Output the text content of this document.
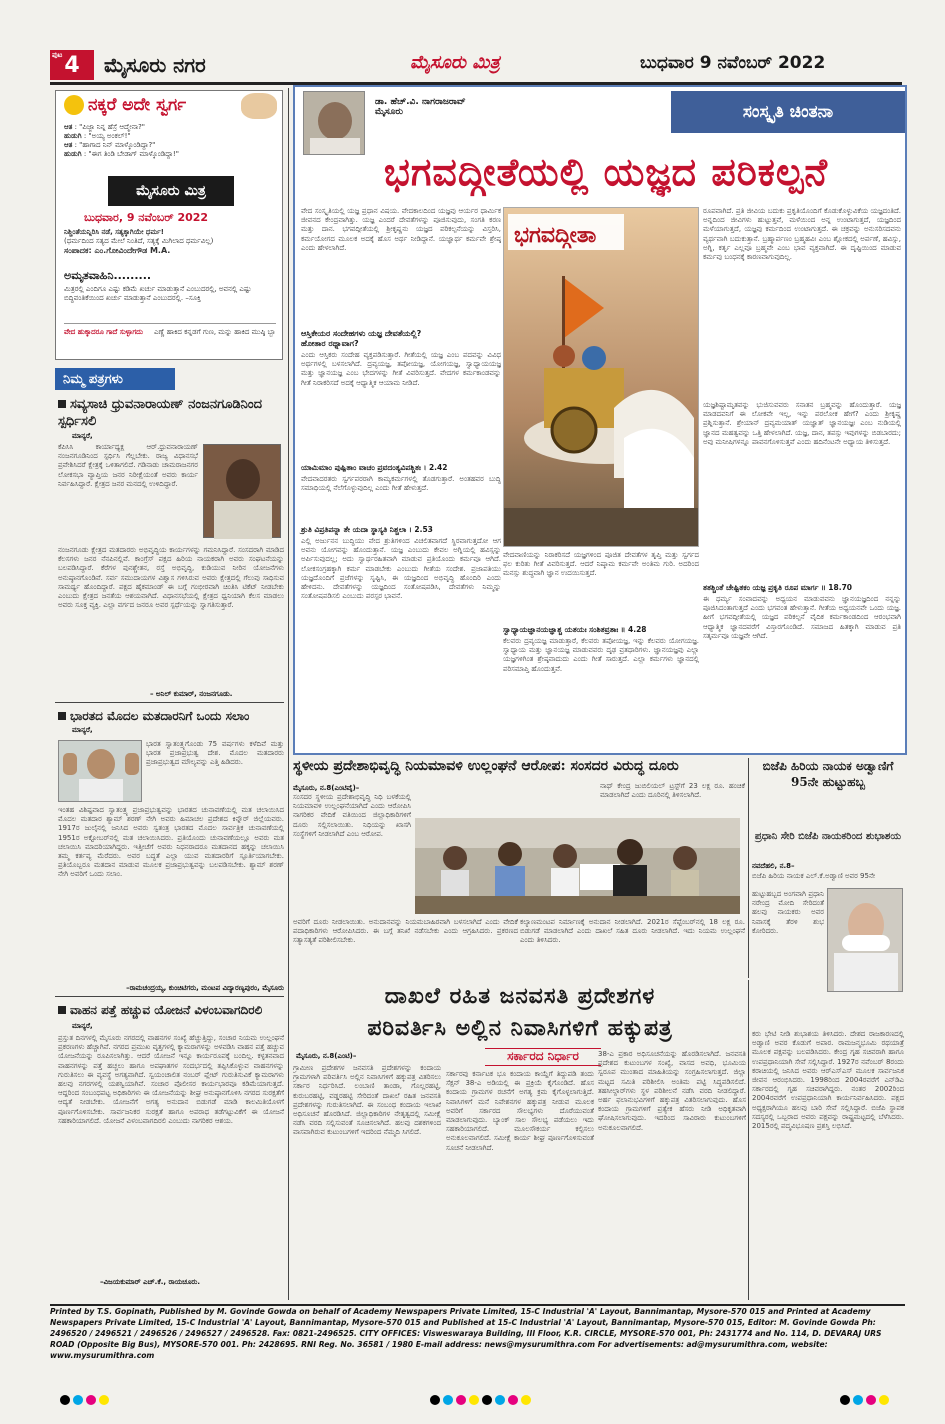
ಪುಟ 4 ಮೈಸೂರು ನಗರ	ಮೈಸೂರು ಮಿತ್ರ	ಬುಧವಾರ 9 ನವೆಂಬರ್ 2022
ನಕ್ಕರೆ ಅದೇ ಸ್ವರ್ಗ
ಆತ : "ಪಿಜ್ಜಾ ನಿನ್ನ ಹೆಸ್ರೆ ಆದ್ಮೇನಾ?"
ಹುಡುಗಿ : "ಅಯ್ಯ ಅಂಕಲ್!"
ಆತ : "ಹಾಗಾದ ನಿನ್ ಮಾಳ್ಕೊಂಡಿದ್ದಾ?"
ಹುಡುಗಿ : "ಈಗ ತಿಂಡಿ ಬೇಡಾಗ್ ಮಾಳ್ಕೊಂಡಿದ್ದಾ!"
ಮೈಸೂರು ಮಿತ್ರ
ಬುಧವಾರ, 9 ನವೆಂಬರ್ 2022
ನಿಶ್ಚಿಂತೆಯನ್ನಿರಿಸಿ ನಡೆ, ಸತ್ಯಕ್ಕಾಗಿಯೇ ಧರ್ಮ!
(ಧರ್ಮದಿಂದ ಸತ್ಯದ ಮೇಲೆ ನಿಂತಿದೆ, ಸತ್ಯಕ್ಕೆ ಮಿಗಿಲಾದ ಧರ್ಮವಿಲ್ಲ)
ಸಂಪಾದಕ: ಎಂ.ಗೋವಿಂದೇಗೌಡ M.A.
ಅಮೃತವಾಹಿನಿ.........
ಮಿತ್ರರಲ್ಲಿ ಎಂದಿಗೂ ಎಷ್ಟು ಕಡಿಮೆ ಖರ್ಚು ಮಾಡುತ್ತಾನೆ ಎಂಬುದರಲ್ಲಿ, ಅವನಲ್ಲಿ ಎಷ್ಟು ಬಿದ್ಧಿವಂತಿಕೆಯಿಂದ ಖರ್ಚು ಮಾಡುತ್ತಾನೆ ಎಂಬುದರಲ್ಲಿ. –ಸೂಕ್ತಿ
ವೇದ ಹುಕ್ಕಾದರೂ ಗಾದೆ ಸುಳ್ಳಾಗದು ಎಣ್ಣೆ ಹಾಕಿದ ಕನ್ನಡಗೆ ಗುಣ, ಮನ್ನು ಹಾಕಿದ ಮುಷ್ಠಿ ಬ್ಬಾ
ನಿಮ್ಮ ಪತ್ರಗಳು
ಸವ್ಯಸಾಚಿ ಧ್ರುವನಾರಾಯಣ್ ನಂಜನಗೂಡಿನಿಂದ ಸ್ಪರ್ಧಿಸಲಿ
ಮಾನ್ಯರೆ,
ಕೆಪಿಸಿಸಿ ಕಾರ್ಯಾಧ್ಯಕ್ಷ ಆರ್.ಧ್ರುವನಾರಾಯಣ್ ನಂಜನಗೂಡಿನಿಂದ ಸ್ಪರ್ಧಿಸಿ ಗೆಲ್ಲಬೇಕು. ರಾಜ್ಯ ವಿಧಾನಸಭೆ ಪ್ರವೇಶಿಸಿದರೆ ಕ್ಷೇತ್ರಕ್ಕೆ ಒಳಿತಾಗಲಿದೆ. ಗಡಿನಾಡು ಚಾಮರಾಜನಗರ ಲೋಕಸಭಾ ವ್ಯಾಪ್ತಿಯ ಜನರ ನಿರೀಕ್ಷೆಯಂತೆ ಅವರು ಕಾರ್ಯ ನಿರ್ವಹಿಸಿದ್ದಾರೆ. ಕ್ಷೇತ್ರದ ಜನರ ಮನದಲ್ಲಿ ಉಳಿದಿದ್ದಾರೆ.
ನಂಜನಗೂಡು ಕ್ಷೇತ್ರದ ಮತದಾರರು ಅಭಿವೃದ್ಧಿಯ ಕಾರ್ಯಗಳನ್ನು ಗಮನಿಸಿದ್ದಾರೆ. ಸಂಸದರಾಗಿ ಮಾಡಿದ ಕೆಲಸಗಳು ಜನರ ನೆನಪಿನಲ್ಲಿವೆ. ಕಾಂಗ್ರೆಸ್ ಪಕ್ಷದ ಹಿರಿಯ ನಾಯಕರಾಗಿ ಅವರು ಸಂಘಟನೆಯನ್ನು ಬಲಪಡಿಸಿದ್ದಾರೆ. ಕೆರೆಗಳ ಪುನಶ್ಚೇತನ, ರಸ್ತೆ ಅಭಿವೃದ್ಧಿ, ಕುಡಿಯುವ ನೀರಿನ ಯೋಜನೆಗಳು ಅನುಷ್ಠಾನಗೊಂಡಿವೆ. ಸರ್ವ ಸಮುದಾಯಗಳ ವಿಶ್ವಾಸ ಗಳಿಸಿರುವ ಅವರು ಕ್ಷೇತ್ರದಲ್ಲಿ ಗೆಲುವು ಸಾಧಿಸುವ ಸಾಮರ್ಥ್ಯ ಹೊಂದಿದ್ದಾರೆ. ಪಕ್ಷದ ಹೈಕಮಾಂಡ್ ಈ ಬಗ್ಗೆ ಗಂಭೀರವಾಗಿ ಚಿಂತಿಸಿ ಟಿಕೆಟ್ ನೀಡಬೇಕು ಎಂಬುದು ಕ್ಷೇತ್ರದ ಜನತೆಯ ಆಶಯವಾಗಿದೆ. ವಿಧಾನಸಭೆಯಲ್ಲಿ ಕ್ಷೇತ್ರದ ಧ್ವನಿಯಾಗಿ ಕೆಲಸ ಮಾಡಲು ಅವರು ಸೂಕ್ತ ವ್ಯಕ್ತಿ. ಎಲ್ಲಾ ವರ್ಗದ ಜನರೂ ಅವರ ಸ್ಪರ್ಧೆಯನ್ನು ಸ್ವಾಗತಿಸುತ್ತಾರೆ.
– ಅನಿಲ್ ಕುಮಾರ್, ನಂಜನಗೂಡು.
ಭಾರತದ ಮೊದಲ ಮತದಾರನಿಗೆ ಒಂದು ಸಲಾಂ
ಮಾನ್ಯರೆ,
ಭಾರತ ಸ್ವಾತಂತ್ರ್ಯಗೊಂಡು 75 ವರ್ಷಗಳು ಕಳೆದಿವೆ ಮತ್ತು ಭಾರತ ಪ್ರಜಾಪ್ರಭುತ್ವ ದೇಶ. ಮೊದಲ ಮತದಾರರು ಪ್ರಜಾಪ್ರಭುತ್ವದ ಮೌಲ್ಯವನ್ನು ಎತ್ತಿ ಹಿಡಿದರು.
ಇಂತಹ ವಿಶಿಷ್ಟವಾದ ಸ್ವಾತಂತ್ರ್ಯ ಪ್ರಜಾಪ್ರಭುತ್ವವನ್ನು ಭಾರತದ ಚುನಾವಣೆಯಲ್ಲಿ ಮತ ಚಲಾಯಿಸಿದ ಮೊದಲ ಮತದಾರ ಶ್ಯಾಮ್ ಶರಣ್ ನೇಗಿ ಅವರು ಹಿಮಾಚಲ ಪ್ರದೇಶದ ಕಿನ್ನೌರ್ ಜಿಲ್ಲೆಯವರು. 1917ರ ಜುಲೈನಲ್ಲಿ ಜನಿಸಿದ ಅವರು ಸ್ವತಂತ್ರ ಭಾರತದ ಮೊದಲ ಸಾರ್ವತ್ರಿಕ ಚುನಾವಣೆಯಲ್ಲಿ 1951ರ ಅಕ್ಟೋಬರ್‌ನಲ್ಲಿ ಮತ ಚಲಾಯಿಸಿದರು. ಪ್ರತಿಯೊಂದು ಚುನಾವಣೆಯಲ್ಲೂ ಅವರು ಮತ ಚಲಾಯಿಸಿ ಮಾದರಿಯಾಗಿದ್ದರು. ಇತ್ತೀಚೆಗೆ ಅವರು ನಿಧನರಾದರೂ ಮತದಾನದ ಹಕ್ಕನ್ನು ಚಲಾಯಿಸಿ ತಮ್ಮ ಕರ್ತವ್ಯ ಮೆರೆದರು. ಅವರ ಬದ್ಧತೆ ಎಲ್ಲಾ ಯುವ ಮತದಾರರಿಗೆ ಸ್ಪೂರ್ತಿಯಾಗಬೇಕು. ಪ್ರತಿಯೊಬ್ಬರೂ ಮತದಾನ ಮಾಡುವ ಮೂಲಕ ಪ್ರಜಾಪ್ರಭುತ್ವವನ್ನು ಬಲಪಡಿಸಬೇಕು. ಶ್ಯಾಮ್ ಶರಣ್ ನೇಗಿ ಅವರಿಗೆ ಒಂದು ಸಲಾಂ.
–ರಾಮಚಂದ್ರಯ್ಯ, ಕುಂಚಿಟಿಗರು, ಮಂಟಪ ವಿದ್ಯಾರಣ್ಯಪುರಂ, ಮೈಸೂರು
ವಾಹನ ಪತ್ತೆ ಹಚ್ಚುವ ಯೋಜನೆ ವಿಳಂಬವಾಗದಿರಲಿ
ಮಾನ್ಯರೆ,
ಪ್ರಸ್ತುತ ದಿನಗಳಲ್ಲಿ ಮೈಸೂರು ನಗರದಲ್ಲಿ ವಾಹನಗಳ ಸಂಖ್ಯೆ ಹೆಚ್ಚುತ್ತಿದ್ದು, ಸಂಚಾರ ನಿಯಮ ಉಲ್ಲಂಘನೆ ಪ್ರಕರಣಗಳು ಹೆಚ್ಚಾಗಿವೆ. ನಗರದ ಪ್ರಮುಖ ವೃತ್ತಗಳಲ್ಲಿ ಕ್ಯಾಮರಾಗಳನ್ನು ಅಳವಡಿಸಿ ವಾಹನ ಪತ್ತೆ ಹಚ್ಚುವ ಯೋಜನೆಯನ್ನು ರೂಪಿಸಲಾಗಿತ್ತು. ಆದರೆ ಯೋಜನೆ ಇನ್ನೂ ಕಾರ್ಯರೂಪಕ್ಕೆ ಬಂದಿಲ್ಲ. ಕಳ್ಳತನವಾದ ವಾಹನಗಳನ್ನು ಪತ್ತೆ ಹಚ್ಚಲು ಹಾಗೂ ಅಪಘಾತಗಳ ಸಂದರ್ಭದಲ್ಲಿ ತಪ್ಪಿಸಿಕೊಳ್ಳುವ ವಾಹನಗಳನ್ನು ಗುರುತಿಸಲು ಈ ವ್ಯವಸ್ಥೆ ಅಗತ್ಯವಾಗಿದೆ. ಸ್ವಯಂಚಾಲಿತ ನಂಬರ್ ಪ್ಲೇಟ್ ಗುರುತಿಸುವಿಕೆ ಕ್ಯಾಮರಾಗಳು ಹಲವು ನಗರಗಳಲ್ಲಿ ಯಶಸ್ವಿಯಾಗಿವೆ. ಸಂಚಾರ ಪೊಲೀಸರ ಕಾರ್ಯಭಾರವೂ ಕಡಿಮೆಯಾಗುತ್ತದೆ. ಆದ್ದರಿಂದ ಸಂಬಂಧಪಟ್ಟ ಅಧಿಕಾರಿಗಳು ಈ ಯೋಜನೆಯನ್ನು ಶೀಘ್ರ ಅನುಷ್ಠಾನಗೊಳಿಸಿ ನಗರದ ಸುರಕ್ಷತೆಗೆ ಆದ್ಯತೆ ನೀಡಬೇಕು. ಯೋಜನೆಗೆ ಅಗತ್ಯ ಅನುದಾನ ಬಿಡುಗಡೆ ಮಾಡಿ ಕಾಲಮಿತಿಯೊಳಗೆ ಪೂರ್ಣಗೊಳಿಸಬೇಕು. ಸಾರ್ವಜನಿಕರ ಸುರಕ್ಷತೆ ಹಾಗೂ ಅಪರಾಧ ತಡೆಗಟ್ಟುವಿಕೆಗೆ ಈ ಯೋಜನೆ ಸಹಕಾರಿಯಾಗಲಿದೆ. ಯೋಜನೆ ವಿಳಂಬವಾಗದಿರಲಿ ಎಂಬುದು ನಾಗರಿಕರ ಆಶಯ.
–ವಿಜಯಕುಮಾರ್ ಎಚ್.ಕೆ., ರಾಯಚೂರು.
ಡಾ. ಹೆಚ್.ವಿ. ನಾಗರಾಜರಾವ್
ಮೈಸೂರು	ಸಂಸ್ಕೃತಿ ಚಿಂತನಾ
ಭಗವದ್ಗೀತೆಯಲ್ಲಿ ಯಜ್ಞದ ಪರಿಕಲ್ಪನೆ
ವೇದ ಸಂಸ್ಕೃತಿಯಲ್ಲಿ ಯಜ್ಞ ಪ್ರಧಾನ ವಿಷಯ. ವೇದಕಾಲದಿಂದ ಯಜ್ಞವು ಆರ್ಯರ ಧಾರ್ಮಿಕ ಜೀವನದ ಕೇಂದ್ರವಾಗಿತ್ತು. ಯಜ್ಞ ಎಂದರೆ ದೇವತೆಗಳನ್ನು ಪೂಜಿಸುವುದು, ಸಂಗತಿ ಕರಣ ಮತ್ತು ದಾನ. ಭಗವದ್ಗೀತೆಯಲ್ಲಿ ಶ್ರೀಕೃಷ್ಣನು ಯಜ್ಞದ ಪರಿಕಲ್ಪನೆಯನ್ನು ವಿಸ್ತರಿಸಿ, ಕರ್ಮಯೋಗದ ಮೂಲಕ ಅದಕ್ಕೆ ಹೊಸ ಅರ್ಥ ನೀಡಿದ್ದಾನೆ. ಯಜ್ಞಾರ್ಥ ಕರ್ಮವೇ ಶ್ರೇಷ್ಠ ಎಂದು ಹೇಳಲಾಗಿದೆ.
ಆಸ್ತಿಕೇಯರ ಸಂದೇಹಗಳು ಯಜ್ಞ ದೇವತೆಯಲ್ಲಿ?
ಹೋತಾರ ರಥ್ನಾವಾಗ?
ಎಂದು ಆಸ್ತಿಕರು ಸಂದೇಹ ವ್ಯಕ್ತಪಡಿಸುತ್ತಾರೆ. ಗೀತೆಯಲ್ಲಿ ಯಜ್ಞ ಎಂಬ ಪದವನ್ನು ವಿವಿಧ ಅರ್ಥಗಳಲ್ಲಿ ಬಳಸಲಾಗಿದೆ. ದ್ರವ್ಯಯಜ್ಞ, ತಪೋಯಜ್ಞ, ಯೋಗಯಜ್ಞ, ಸ್ವಾಧ್ಯಾಯಯಜ್ಞ ಮತ್ತು ಜ್ಞಾನಯಜ್ಞ ಎಂಬ ಭೇದಗಳನ್ನು ಗೀತೆ ವಿವರಿಸುತ್ತದೆ. ವೇದಗಳ ಕರ್ಮಕಾಂಡವನ್ನು ಗೀತೆ ನಿರಾಕರಿಸದೆ ಅದಕ್ಕೆ ಆಧ್ಯಾತ್ಮಿಕ ಆಯಾಮ ನೀಡಿದೆ.
ಯಾಮಿಮಾಂ ಪುಷ್ಪಿತಾಂ ವಾಚಂ ಪ್ರವದಂತ್ಯವಿಪಶ್ಚಿತಃ । 2.42
ವೇದವಾದರತರು ಸ್ವರ್ಗಪರರಾಗಿ ಕಾಮ್ಯಕರ್ಮಗಳಲ್ಲಿ ತೊಡಗುತ್ತಾರೆ. ಅಂತಹವರ ಬುದ್ಧಿ ಸಮಾಧಿಯಲ್ಲಿ ನೆಲೆಗೊಳ್ಳುವುದಿಲ್ಲ ಎಂದು ಗೀತೆ ಹೇಳುತ್ತದೆ.
ಶ್ರುತಿ ವಿಪ್ರತಿಪನ್ನಾ ತೇ ಯದಾ ಸ್ಥಾಸ್ಯತಿ ನಿಶ್ಚಲಾ । 2.53
ಎಲ್ಲಿ ಅರ್ಜುನನ ಬುದ್ಧಿಯು ವೇದ ಶ್ರುತಿಗಳಿಂದ ವಿಚಲಿತವಾಗದೆ ಸ್ಥಿರವಾಗುತ್ತದೋ ಆಗ ಅವನು ಯೋಗವನ್ನು ಹೊಂದುತ್ತಾನೆ. ಯಜ್ಞ ಎಂಬುದು ಕೇವಲ ಅಗ್ನಿಯಲ್ಲಿ ಹವಿಸ್ಸನ್ನು ಅರ್ಪಿಸುವುದಲ್ಲ; ಅದು ಸ್ವಾರ್ಥರಹಿತವಾಗಿ ಮಾಡುವ ಪ್ರತಿಯೊಂದು ಕರ್ಮವೂ ಆಗಿದೆ. ಲೋಕಸಂಗ್ರಹಕ್ಕಾಗಿ ಕರ್ಮ ಮಾಡಬೇಕು ಎಂಬುದು ಗೀತೆಯ ಸಂದೇಶ. ಪ್ರಜಾಪತಿಯು ಯಜ್ಞದೊಂದಿಗೆ ಪ್ರಜೆಗಳನ್ನು ಸೃಷ್ಟಿಸಿ, ಈ ಯಜ್ಞದಿಂದ ಅಭಿವೃದ್ಧಿ ಹೊಂದಿರಿ ಎಂದು ಹೇಳಿದನು. ದೇವತೆಗಳನ್ನು ಯಜ್ಞದಿಂದ ಸಂತೋಷಪಡಿಸಿ, ದೇವತೆಗಳು ನಿಮ್ಮನ್ನು ಸಂತೋಷಪಡಿಸಲಿ ಎಂಬುದು ಪರಸ್ಪರ ಭಾವನೆ.
ಭಗವದ್ಗೀತಾ
ವೇದವಾಣಿಯನ್ನು ನಿರಾಕರಿಸದೆ ಯಜ್ಞಗಳಿಂದ ಪೂಜಿತ ದೇವತೆಗಳ ತೃಪ್ತಿ ಮತ್ತು ಸ್ವರ್ಗದ ಫಲ ಕುರಿತು ಗೀತೆ ವಿವರಿಸುತ್ತದೆ. ಆದರೆ ನಿಷ್ಕಾಮ ಕರ್ಮವೇ ಅಂತಿಮ ಗುರಿ. ಅದರಿಂದ ಮನಸ್ಸು ಶುದ್ಧವಾಗಿ ಜ್ಞಾನ ಉದಯಿಸುತ್ತದೆ.
ಸ್ವಾಧ್ಯಾಯಜ್ಞಾನಯಜ್ಞಾಶ್ಚ ಯತಯಃ ಸಂಶಿತವ್ರತಾಃ ॥ 4.28
ಕೆಲವರು ದ್ರವ್ಯಯಜ್ಞ ಮಾಡುತ್ತಾರೆ, ಕೆಲವರು ತಪೋಯಜ್ಞ, ಇನ್ನು ಕೆಲವರು ಯೋಗಯಜ್ಞ. ಸ್ವಾಧ್ಯಾಯ ಮತ್ತು ಜ್ಞಾನಯಜ್ಞ ಮಾಡುವವರು ದೃಢ ವ್ರತಧಾರಿಗಳು. ಜ್ಞಾನಯಜ್ಞವು ಎಲ್ಲಾ ಯಜ್ಞಗಳಿಗಿಂತ ಶ್ರೇಷ್ಠವಾದುದು ಎಂದು ಗೀತೆ ಸಾರುತ್ತದೆ. ಎಲ್ಲಾ ಕರ್ಮಗಳು ಜ್ಞಾನದಲ್ಲಿ ಪರಿಸಮಾಪ್ತಿ ಹೊಂದುತ್ತವೆ.
ರೂಪವಾಗಿದೆ. ಪ್ರತಿ ಜೀವಿಯ ಬದುಕು ಪ್ರಕೃತಿಯೊಂದಿಗೆ ಕೊಡುಕೊಳ್ಳುವಿಕೆಯ ಯಜ್ಞದಂತಿದೆ. ಅನ್ನದಿಂದ ಜೀವಿಗಳು ಹುಟ್ಟುತ್ತವೆ, ಮಳೆಯಿಂದ ಅನ್ನ ಉಂಟಾಗುತ್ತದೆ, ಯಜ್ಞದಿಂದ ಮಳೆಯಾಗುತ್ತದೆ, ಯಜ್ಞವು ಕರ್ಮದಿಂದ ಉಂಟಾಗುತ್ತದೆ. ಈ ಚಕ್ರವನ್ನು ಅನುಸರಿಸದವನು ವ್ಯರ್ಥವಾಗಿ ಬದುಕುತ್ತಾನೆ. ಬ್ರಹ್ಮಾರ್ಪಣಂ ಬ್ರಹ್ಮಹವಿಃ ಎಂಬ ಶ್ಲೋಕದಲ್ಲಿ ಅರ್ಪಣೆ, ಹವಿಸ್ಸು, ಅಗ್ನಿ, ಕರ್ತೃ ಎಲ್ಲವೂ ಬ್ರಹ್ಮವೇ ಎಂಬ ಭಾವ ವ್ಯಕ್ತವಾಗಿದೆ. ಈ ದೃಷ್ಟಿಯಿಂದ ಮಾಡುವ ಕರ್ಮವು ಬಂಧನಕ್ಕೆ ಕಾರಣವಾಗುವುದಿಲ್ಲ.
ಯಜ್ಞಶಿಷ್ಟಾಮೃತವನ್ನು ಭುಜಿಸುವವರು ಸನಾತನ ಬ್ರಹ್ಮವನ್ನು ಹೊಂದುತ್ತಾರೆ. ಯಜ್ಞ ಮಾಡದವನಿಗೆ ಈ ಲೋಕವೇ ಇಲ್ಲ, ಇನ್ನು ಪರಲೋಕ ಹೇಗೆ? ಎಂದು ಶ್ರೀಕೃಷ್ಣ ಪ್ರಶ್ನಿಸುತ್ತಾನೆ. ಶ್ರೇಯಾನ್ ದ್ರವ್ಯಮಯಾತ್ ಯಜ್ಞಾತ್ ಜ್ಞಾನಯಜ್ಞಃ ಎಂಬ ನುಡಿಯಲ್ಲಿ ಜ್ಞಾನದ ಮಹತ್ವವನ್ನು ಒತ್ತಿ ಹೇಳಲಾಗಿದೆ. ಯಜ್ಞ, ದಾನ, ತಪಸ್ಸು ಇವುಗಳನ್ನು ಬಿಡಬಾರದು; ಅವು ಮನೀಷಿಗಳನ್ನೂ ಪಾವನಗೊಳಿಸುತ್ತವೆ ಎಂದು ಹದಿನೆಂಟನೇ ಅಧ್ಯಾಯ ತಿಳಿಸುತ್ತದೆ.
ತತಶ್ಚಿಂತೆ ಚೇಷ್ಟಿತಕಂ ಯಜ್ಞ ಪ್ರಕೃತಿ ರೂಪ ಮಾರ್ಗ ॥ 18.70
ಈ ಧರ್ಮ್ಯ ಸಂವಾದವನ್ನು ಅಧ್ಯಯನ ಮಾಡುವವನು ಜ್ಞಾನಯಜ್ಞದಿಂದ ನನ್ನನ್ನು ಪೂಜಿಸಿದಂತಾಗುತ್ತದೆ ಎಂದು ಭಗವಂತ ಹೇಳುತ್ತಾನೆ. ಗೀತೆಯ ಅಧ್ಯಯನವೇ ಒಂದು ಯಜ್ಞ. ಹೀಗೆ ಭಗವದ್ಗೀತೆಯಲ್ಲಿ ಯಜ್ಞದ ಪರಿಕಲ್ಪನೆ ವೈದಿಕ ಕರ್ಮಕಾಂಡದಿಂದ ಆರಂಭವಾಗಿ ಆಧ್ಯಾತ್ಮಿಕ ಜ್ಞಾನದವರೆಗೆ ವಿಸ್ತಾರಗೊಂಡಿದೆ. ಸಮಾಜದ ಹಿತಕ್ಕಾಗಿ ಮಾಡುವ ಪ್ರತಿ ಸತ್ಕರ್ಮವೂ ಯಜ್ಞವೇ ಆಗಿದೆ.
ಸ್ಥಳೀಯ ಪ್ರದೇಶಾಭಿವೃದ್ಧಿ ನಿಯಮಾವಳಿ ಉಲ್ಲಂಘನೆ ಆರೋಪ: ಸಂಸದರ ವಿರುದ್ಧ ದೂರು
ಮೈಸೂರು, ನ.8(ಎಂಟಿವೈ)–
ಸಂಸದರ ಸ್ಥಳೀಯ ಪ್ರದೇಶಾಭಿವೃದ್ಧಿ ನಿಧಿ ಬಳಕೆಯಲ್ಲಿ ನಿಯಮಾವಳಿ ಉಲ್ಲಂಘನೆಯಾಗಿದೆ ಎಂದು ಆರೋಪಿಸಿ ನಾಗರಿಕರ ವೇದಿಕೆ ವತಿಯಿಂದ ಜಿಲ್ಲಾಧಿಕಾರಿಗಳಿಗೆ ದೂರು ಸಲ್ಲಿಸಲಾಯಿತು. ನಿಧಿಯನ್ನು ಖಾಸಗಿ ಸಂಸ್ಥೆಗಳಿಗೆ ನೀಡಲಾಗಿದೆ ಎಂಬ ಆರೋಪ.
ಅವರಿಗೆ ದೂರು ನೀಡಲಾಯಿತು. ಅನುದಾನವನ್ನು ನಿಯಮಬಾಹಿರವಾಗಿ ಬಳಸಲಾಗಿದೆ ಎಂದು ವೇದಿಕೆ ಪದಾಧಿಕಾರಿಗಳು ಆರೋಪಿಸಿದರು. ಈ ಬಗ್ಗೆ ತನಿಖೆ ನಡೆಸಬೇಕು ಎಂದು ಆಗ್ರಹಿಸಿದರು. ಪ್ರಕರಣದ ಸತ್ಯಾಸತ್ಯತೆ ಪರಿಶೀಲಿಸಬೇಕು.
ಕಲ್ಯಾಣಮಂಟಪ ನಿರ್ಮಾಣಕ್ಕೆ ಅನುದಾನ ನೀಡಲಾಗಿದೆ. 2021ರ ಸೆಪ್ಟೆಂಬರ್‌ನಲ್ಲಿ 18 ಲಕ್ಷ ರೂ. ಬಿಡುಗಡೆ ಮಾಡಲಾಗಿದೆ ಎಂದು ದಾಖಲೆ ಸಹಿತ ದೂರು ನೀಡಲಾಗಿದೆ. ಇದು ನಿಯಮ ಉಲ್ಲಂಘನೆ ಎಂದು ತಿಳಿಸಿದರು.
ನಾಥ್ ಕೇಂದ್ರ ಜುಬಿಲಿಯಲ್ ಟ್ರಸ್ಟ್‌ಗೆ 23 ಲಕ್ಷ ರೂ. ಹಂಚಿಕೆ ಮಾಡಲಾಗಿದೆ ಎಂದು ದೂರಿನಲ್ಲಿ ತಿಳಿಸಲಾಗಿದೆ.
ಬಿಜೆಪಿ ಹಿರಿಯ ನಾಯಕ ಅಡ್ವಾಣಿಗೆ 95ನೇ ಹುಟ್ಟುಹಬ್ಬ
ಪ್ರಧಾನಿ ಸೇರಿ ಬಿಜೆಪಿ ನಾಯಕರಿಂದ ಶುಭಾಶಯ
ನವದೆಹಲಿ, ನ.8–
ಬಿಜೆಪಿ ಹಿರಿಯ ನಾಯಕ ಎಲ್.ಕೆ.ಅಡ್ವಾಣಿ ಅವರ 95ನೇ
ಹುಟ್ಟುಹಬ್ಬದ ಅಂಗವಾಗಿ ಪ್ರಧಾನಿ ನರೇಂದ್ರ ಮೋದಿ ಸೇರಿದಂತೆ ಹಲವು ನಾಯಕರು ಅವರ ನಿವಾಸಕ್ಕೆ ತೆರಳಿ ಶುಭ ಕೋರಿದರು.
ಕರು ಭೇಟಿ ನೀಡಿ ಶುಭಾಶಯ ತಿಳಿಸಿದರು. ದೇಶದ ರಾಜಕಾರಣದಲ್ಲಿ ಅಡ್ವಾಣಿ ಅವರ ಕೊಡುಗೆ ಅಪಾರ. ರಾಮಜನ್ಮಭೂಮಿ ರಥಯಾತ್ರೆ ಮೂಲಕ ಪಕ್ಷವನ್ನು ಬಲಪಡಿಸಿದರು. ಕೇಂದ್ರ ಗೃಹ ಸಚಿವರಾಗಿ ಹಾಗೂ ಉಪಪ್ರಧಾನಿಯಾಗಿ ಸೇವೆ ಸಲ್ಲಿಸಿದ್ದಾರೆ. 1927ರ ನವೆಂಬರ್ 8ರಂದು ಕರಾಚಿಯಲ್ಲಿ ಜನಿಸಿದ ಅವರು ಆರ್‌ಎಸ್‌ಎಸ್ ಮೂಲಕ ಸಾರ್ವಜನಿಕ ಜೀವನ ಆರಂಭಿಸಿದರು. 1998ರಿಂದ 2004ರವರೆಗೆ ಎನ್‌ಡಿಎ ಸರ್ಕಾರದಲ್ಲಿ ಗೃಹ ಸಚಿವರಾಗಿದ್ದರು. ನಂತರ 2002ರಿಂದ 2004ರವರೆಗೆ ಉಪಪ್ರಧಾನಿಯಾಗಿ ಕಾರ್ಯನಿರ್ವಹಿಸಿದರು. ಪಕ್ಷದ ಅಧ್ಯಕ್ಷರಾಗಿಯೂ ಹಲವು ಬಾರಿ ಸೇವೆ ಸಲ್ಲಿಸಿದ್ದಾರೆ. ಬಿಜೆಪಿ ಸ್ಥಾಪಕ ಸದಸ್ಯರಲ್ಲಿ ಒಬ್ಬರಾದ ಅವರು ಪಕ್ಷವನ್ನು ರಾಷ್ಟ್ರಮಟ್ಟದಲ್ಲಿ ಬೆಳೆಸಿದರು. 2015ರಲ್ಲಿ ಪದ್ಮವಿಭೂಷಣ ಪ್ರಶಸ್ತಿ ಲಭಿಸಿದೆ.
ದಾಖಲೆ ರಹಿತ ಜನವಸತಿ ಪ್ರದೇಶಗಳ
ಪರಿವರ್ತಿಸಿ ಅಲ್ಲಿನ ನಿವಾಸಿಗಳಿಗೆ ಹಕ್ಕುಪತ್ರ
ಸರ್ಕಾರದ ನಿರ್ಧಾರ
ಮೈಸೂರು, ನ.8(ಎಂಟಿ)–
ಗ್ರಾಮೀಣ ಪ್ರದೇಶಗಳ ಜನವಸತಿ ಪ್ರದೇಶಗಳನ್ನು ಕಂದಾಯ ಗ್ರಾಮಗಳಾಗಿ ಪರಿವರ್ತಿಸಿ ಅಲ್ಲಿನ ನಿವಾಸಿಗಳಿಗೆ ಹಕ್ಕುಪತ್ರ ವಿತರಿಸಲು ಸರ್ಕಾರ ನಿರ್ಧರಿಸಿದೆ. ಲಂಬಾಣಿ ತಾಂಡಾ, ಗೊಲ್ಲರಹಟ್ಟಿ, ಕುರುಬರಹಟ್ಟಿ, ವಡ್ಡರಹಟ್ಟಿ ಸೇರಿದಂತೆ ದಾಖಲೆ ರಹಿತ ಜನವಸತಿ ಪ್ರದೇಶಗಳನ್ನು ಗುರುತಿಸಲಾಗಿದೆ. ಈ ಸಂಬಂಧ ಕಂದಾಯ ಇಲಾಖೆ ಅಧಿಸೂಚನೆ ಹೊರಡಿಸಿದೆ. ಜಿಲ್ಲಾಧಿಕಾರಿಗಳ ನೇತೃತ್ವದಲ್ಲಿ ಸಮೀಕ್ಷೆ ನಡೆಸಿ ವರದಿ ಸಲ್ಲಿಸುವಂತೆ ಸೂಚಿಸಲಾಗಿದೆ. ಹಲವು ದಶಕಗಳಿಂದ ವಾಸವಾಗಿರುವ ಕುಟುಂಬಗಳಿಗೆ ಇದರಿಂದ ನೆಮ್ಮದಿ ಸಿಗಲಿದೆ.
ಸರ್ಕಾರವು ಕರ್ನಾಟಕ ಭೂ ಕಂದಾಯ ಕಾಯ್ದೆಗೆ ತಿದ್ದುಪಡಿ ತಂದು ಸೆಕ್ಷನ್ 38-ಎ ಅಡಿಯಲ್ಲಿ ಈ ಪ್ರಕ್ರಿಯೆ ಕೈಗೊಂಡಿದೆ. ಹೊಸ ಕಂದಾಯ ಗ್ರಾಮಗಳ ರಚನೆಗೆ ಅಗತ್ಯ ಕ್ರಮ ಕೈಗೊಳ್ಳಲಾಗುತ್ತಿದೆ. ನಿವಾಸಿಗಳಿಗೆ ಮನೆ ನಿವೇಶನಗಳ ಹಕ್ಕುಪತ್ರ ನೀಡುವ ಮೂಲಕ ಅವರಿಗೆ ಸರ್ಕಾರದ ಸೌಲಭ್ಯಗಳು ದೊರೆಯುವಂತೆ ಮಾಡಲಾಗುವುದು. ಬ್ಯಾಂಕ್ ಸಾಲ ಸೌಲಭ್ಯ ಪಡೆಯಲು ಇದು ಸಹಕಾರಿಯಾಗಲಿದೆ. ಮೂಲಸೌಕರ್ಯ ಕಲ್ಪಿಸಲು ಅನುಕೂಲವಾಗಲಿದೆ. ಸಮೀಕ್ಷೆ ಕಾರ್ಯ ಶೀಘ್ರ ಪೂರ್ಣಗೊಳಿಸುವಂತೆ ಸೂಚನೆ ನೀಡಲಾಗಿದೆ.
38-ಎ ಪ್ರಕಾರ ಅಧಿಸೂಚನೆಯನ್ನು ಹೊರಡಿಸಲಾಗಿದೆ. ಜನವಸತಿ ಪ್ರದೇಶದ ಕುಟುಂಬಗಳ ಸಂಖ್ಯೆ, ವಾಸದ ಅವಧಿ, ಭೂಮಿಯ ಸ್ವರೂಪ ಮುಂತಾದ ಮಾಹಿತಿಯನ್ನು ಸಂಗ್ರಹಿಸಲಾಗುತ್ತದೆ. ಜಿಲ್ಲಾ ಮಟ್ಟದ ಸಮಿತಿ ಪರಿಶೀಲಿಸಿ ಅಂತಿಮ ಪಟ್ಟಿ ಸಿದ್ಧಪಡಿಸಲಿದೆ. ತಹಸೀಲ್ದಾರ್‌ಗಳು ಸ್ಥಳ ಪರಿಶೀಲನೆ ನಡೆಸಿ ವರದಿ ನೀಡಲಿದ್ದಾರೆ. ಅರ್ಹ ಫಲಾನುಭವಿಗಳಿಗೆ ಹಕ್ಕುಪತ್ರ ವಿತರಿಸಲಾಗುವುದು. ಹೊಸ ಕಂದಾಯ ಗ್ರಾಮಗಳಿಗೆ ಪ್ರತ್ಯೇಕ ಹೆಸರು ನೀಡಿ ಅಧಿಕೃತವಾಗಿ ಘೋಷಿಸಲಾಗುವುದು. ಇದರಿಂದ ಸಾವಿರಾರು ಕುಟುಂಬಗಳಿಗೆ ಅನುಕೂಲವಾಗಲಿದೆ.

Printed by T.S. Gopinath, Published by M. Govinde Gowda on behalf of Academy Newspapers Private Limited, 15-C Industrial 'A' Layout, Bannimantap, Mysore-570 015 and Printed at Academy Newspapers Private Limited, 15-C Industrial 'A' Layout, Bannimantap, Mysore-570 015 and Published at 15-C Industrial 'A' Layout, Bannimantap, Mysore-570 015, Editor: M. Govinde Gowda Ph: 2496520 / 2496521 / 2496526 / 2496527 / 2496528. Fax: 0821-2496525. CITY OFFICES: Visweswaraya Building, III Floor, K.R. CIRCLE, MYSORE-570 001, Ph: 2431774 and No. 114, D. DEVARAJ URS ROAD (Opposite Big Bus), MYSORE-570 001. Ph: 2428695. RNI Reg. No. 36581 / 1980 E-mail address: news@mysurumithra.com For advertisements: ad@mysurumithra.com, website: www.mysurumithra.com
